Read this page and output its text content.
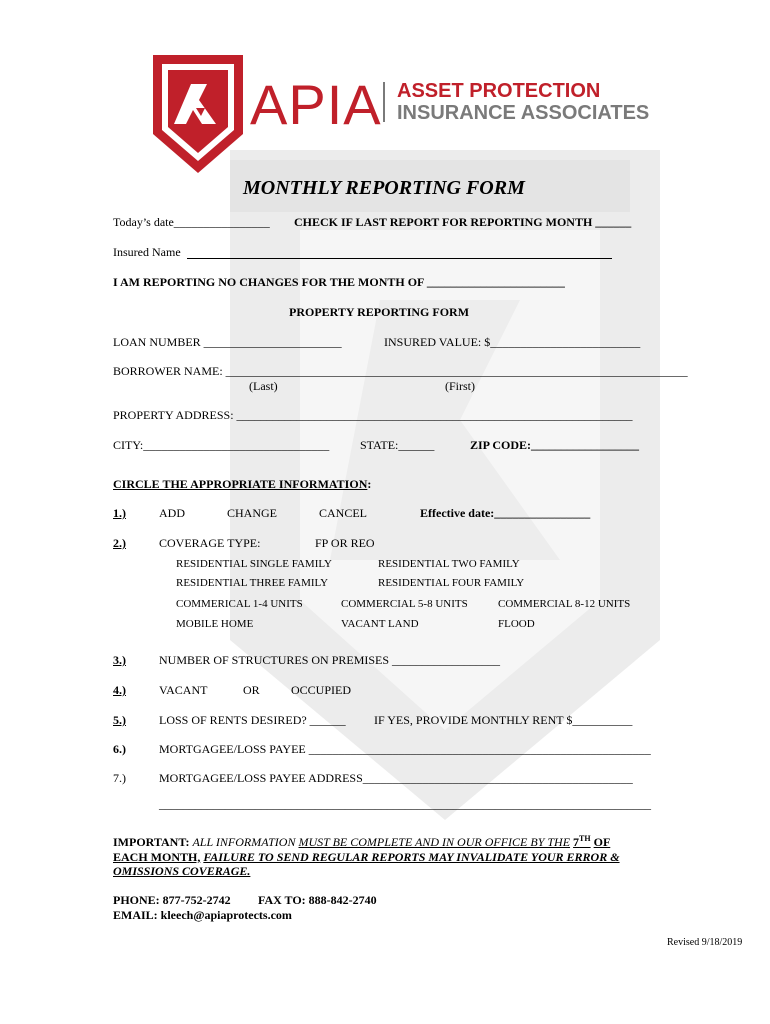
APIA ASSET PROTECTION
INSURANCE ASSOCIATES
MONTHLY REPORTING FORM
Today’s date________________ CHECK IF LAST REPORT FOR REPORTING MONTH ______
Insured Name
I AM REPORTING NO CHANGES FOR THE MONTH OF _______________________
PROPERTY REPORTING FORM
LOAN NUMBER _______________________	INSURED VALUE: $_________________________
BORROWER NAME: _____________________________________________________________________________
(Last)	(First)
PROPERTY ADDRESS: __________________________________________________________________
CITY:_______________________________	STATE:______	ZIP CODE:__________________
CIRCLE THE APPROPRIATE INFORMATION:
1.)	ADD	CHANGE	CANCEL	Effective date:________________
2.)	COVERAGE TYPE:	FP OR REO
RESIDENTIAL SINGLE FAMILY	RESIDENTIAL TWO FAMILY
RESIDENTIAL THREE FAMILY	RESIDENTIAL FOUR FAMILY
COMMERICAL 1-4 UNITS	COMMERCIAL 5-8 UNITS	COMMERCIAL 8-12 UNITS
MOBILE HOME	VACANT LAND	FLOOD
3.)	NUMBER OF STRUCTURES ON PREMISES __________________
4.)	VACANT	OR	OCCUPIED
5.)	LOSS OF RENTS DESIRED? ______ IF YES, PROVIDE MONTHLY RENT $__________
6.)	MORTGAGEE/LOSS PAYEE _________________________________________________________
7.)	MORTGAGEE/LOSS PAYEE ADDRESS_____________________________________________
__________________________________________________________________________________
IMPORTANT: ALL INFORMATION MUST BE COMPLETE AND IN OUR OFFICE BY THE 7TH OF
EACH MONTH, FAILURE TO SEND REGULAR REPORTS MAY INVALIDATE YOUR ERROR &
OMISSIONS COVERAGE.
PHONE: 877-752-2742 FAX TO: 888-842-2740
EMAIL: kleech@apiaprotects.com
Revised 9/18/2019
